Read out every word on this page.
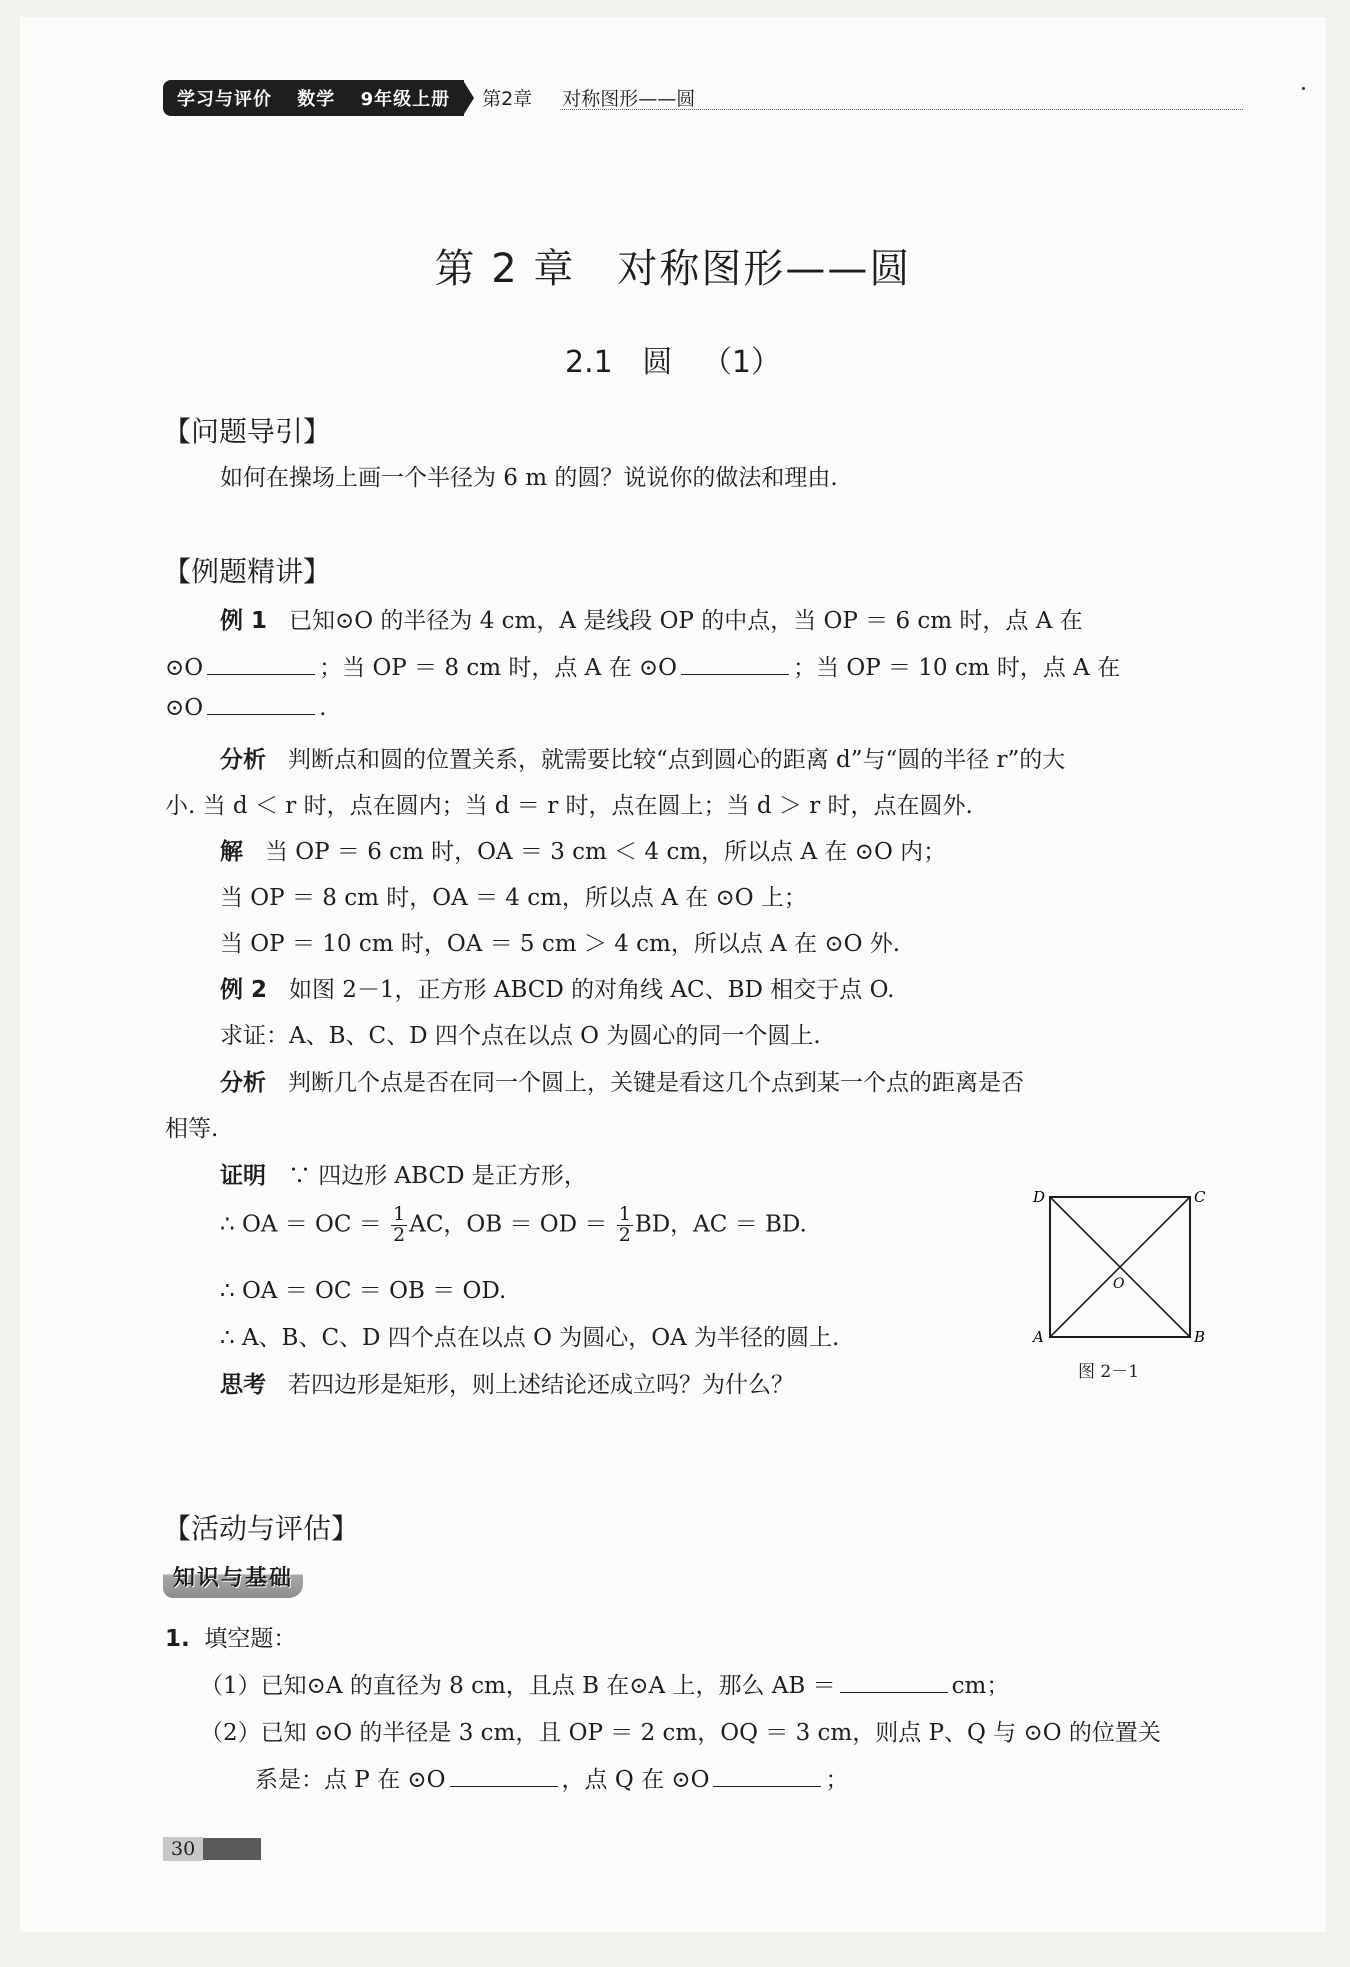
学习与评价 数学 9年级上册	第2章 对称图形——圆
第 2 章　对称图形——圆
2.1 圆 （1）
【问题导引】
如何在操场上画一个半径为 6 m 的圆？说说你的做法和理由.
【例题精讲】
例 1 已知⊙O 的半径为 4 cm，A 是线段 OP 的中点，当 OP ＝ 6 cm 时，点 A 在
⊙O	；当 OP ＝ 8 cm 时，点 A 在 ⊙O	；当 OP ＝ 10 cm 时，点 A 在
⊙O	.
分析 判断点和圆的位置关系，就需要比较“点到圆心的距离 d”与“圆的半径 r”的大
小. 当 d ＜ r 时，点在圆内；当 d ＝ r 时，点在圆上；当 d ＞ r 时，点在圆外.
解 当 OP ＝ 6 cm 时，OA ＝ 3 cm ＜ 4 cm，所以点 A 在 ⊙O 内；
当 OP ＝ 8 cm 时，OA ＝ 4 cm，所以点 A 在 ⊙O 上；
当 OP ＝ 10 cm 时，OA ＝ 5 cm ＞ 4 cm，所以点 A 在 ⊙O 外.
例 2 如图 2－1，正方形 ABCD 的对角线 AC、BD 相交于点 O.
求证：A、B、C、D 四个点在以点 O 为圆心的同一个圆上.
分析 判断几个点是否在同一个圆上，关键是看这几个点到某一个点的距离是否
相等.
证明 ∵ 四边形 ABCD 是正方形，
∴ OA ＝ OC ＝ $\frac{1}{2}$ AC，OB ＝ OD ＝ $\frac{1}{2}$ BD，AC ＝ BD.
∴ OA ＝ OC ＝ OB ＝ OD.
∴ A、B、C、D 四个点在以点 O 为圆心，OA 为半径的圆上.
思考 若四边形是矩形，则上述结论还成立吗？为什么？
D	C
A	B
O
图 2－1
【活动与评估】
知识与基础
1. 填空题：
（1）已知⊙A 的直径为 8 cm，且点 B 在⊙A 上，那么 AB ＝	cm；
（2）已知 ⊙O 的半径是 3 cm，且 OP ＝ 2 cm，OQ ＝ 3 cm，则点 P、Q 与 ⊙O 的位置关
系是：点 P 在 ⊙O	，点 Q 在 ⊙O	；
30
